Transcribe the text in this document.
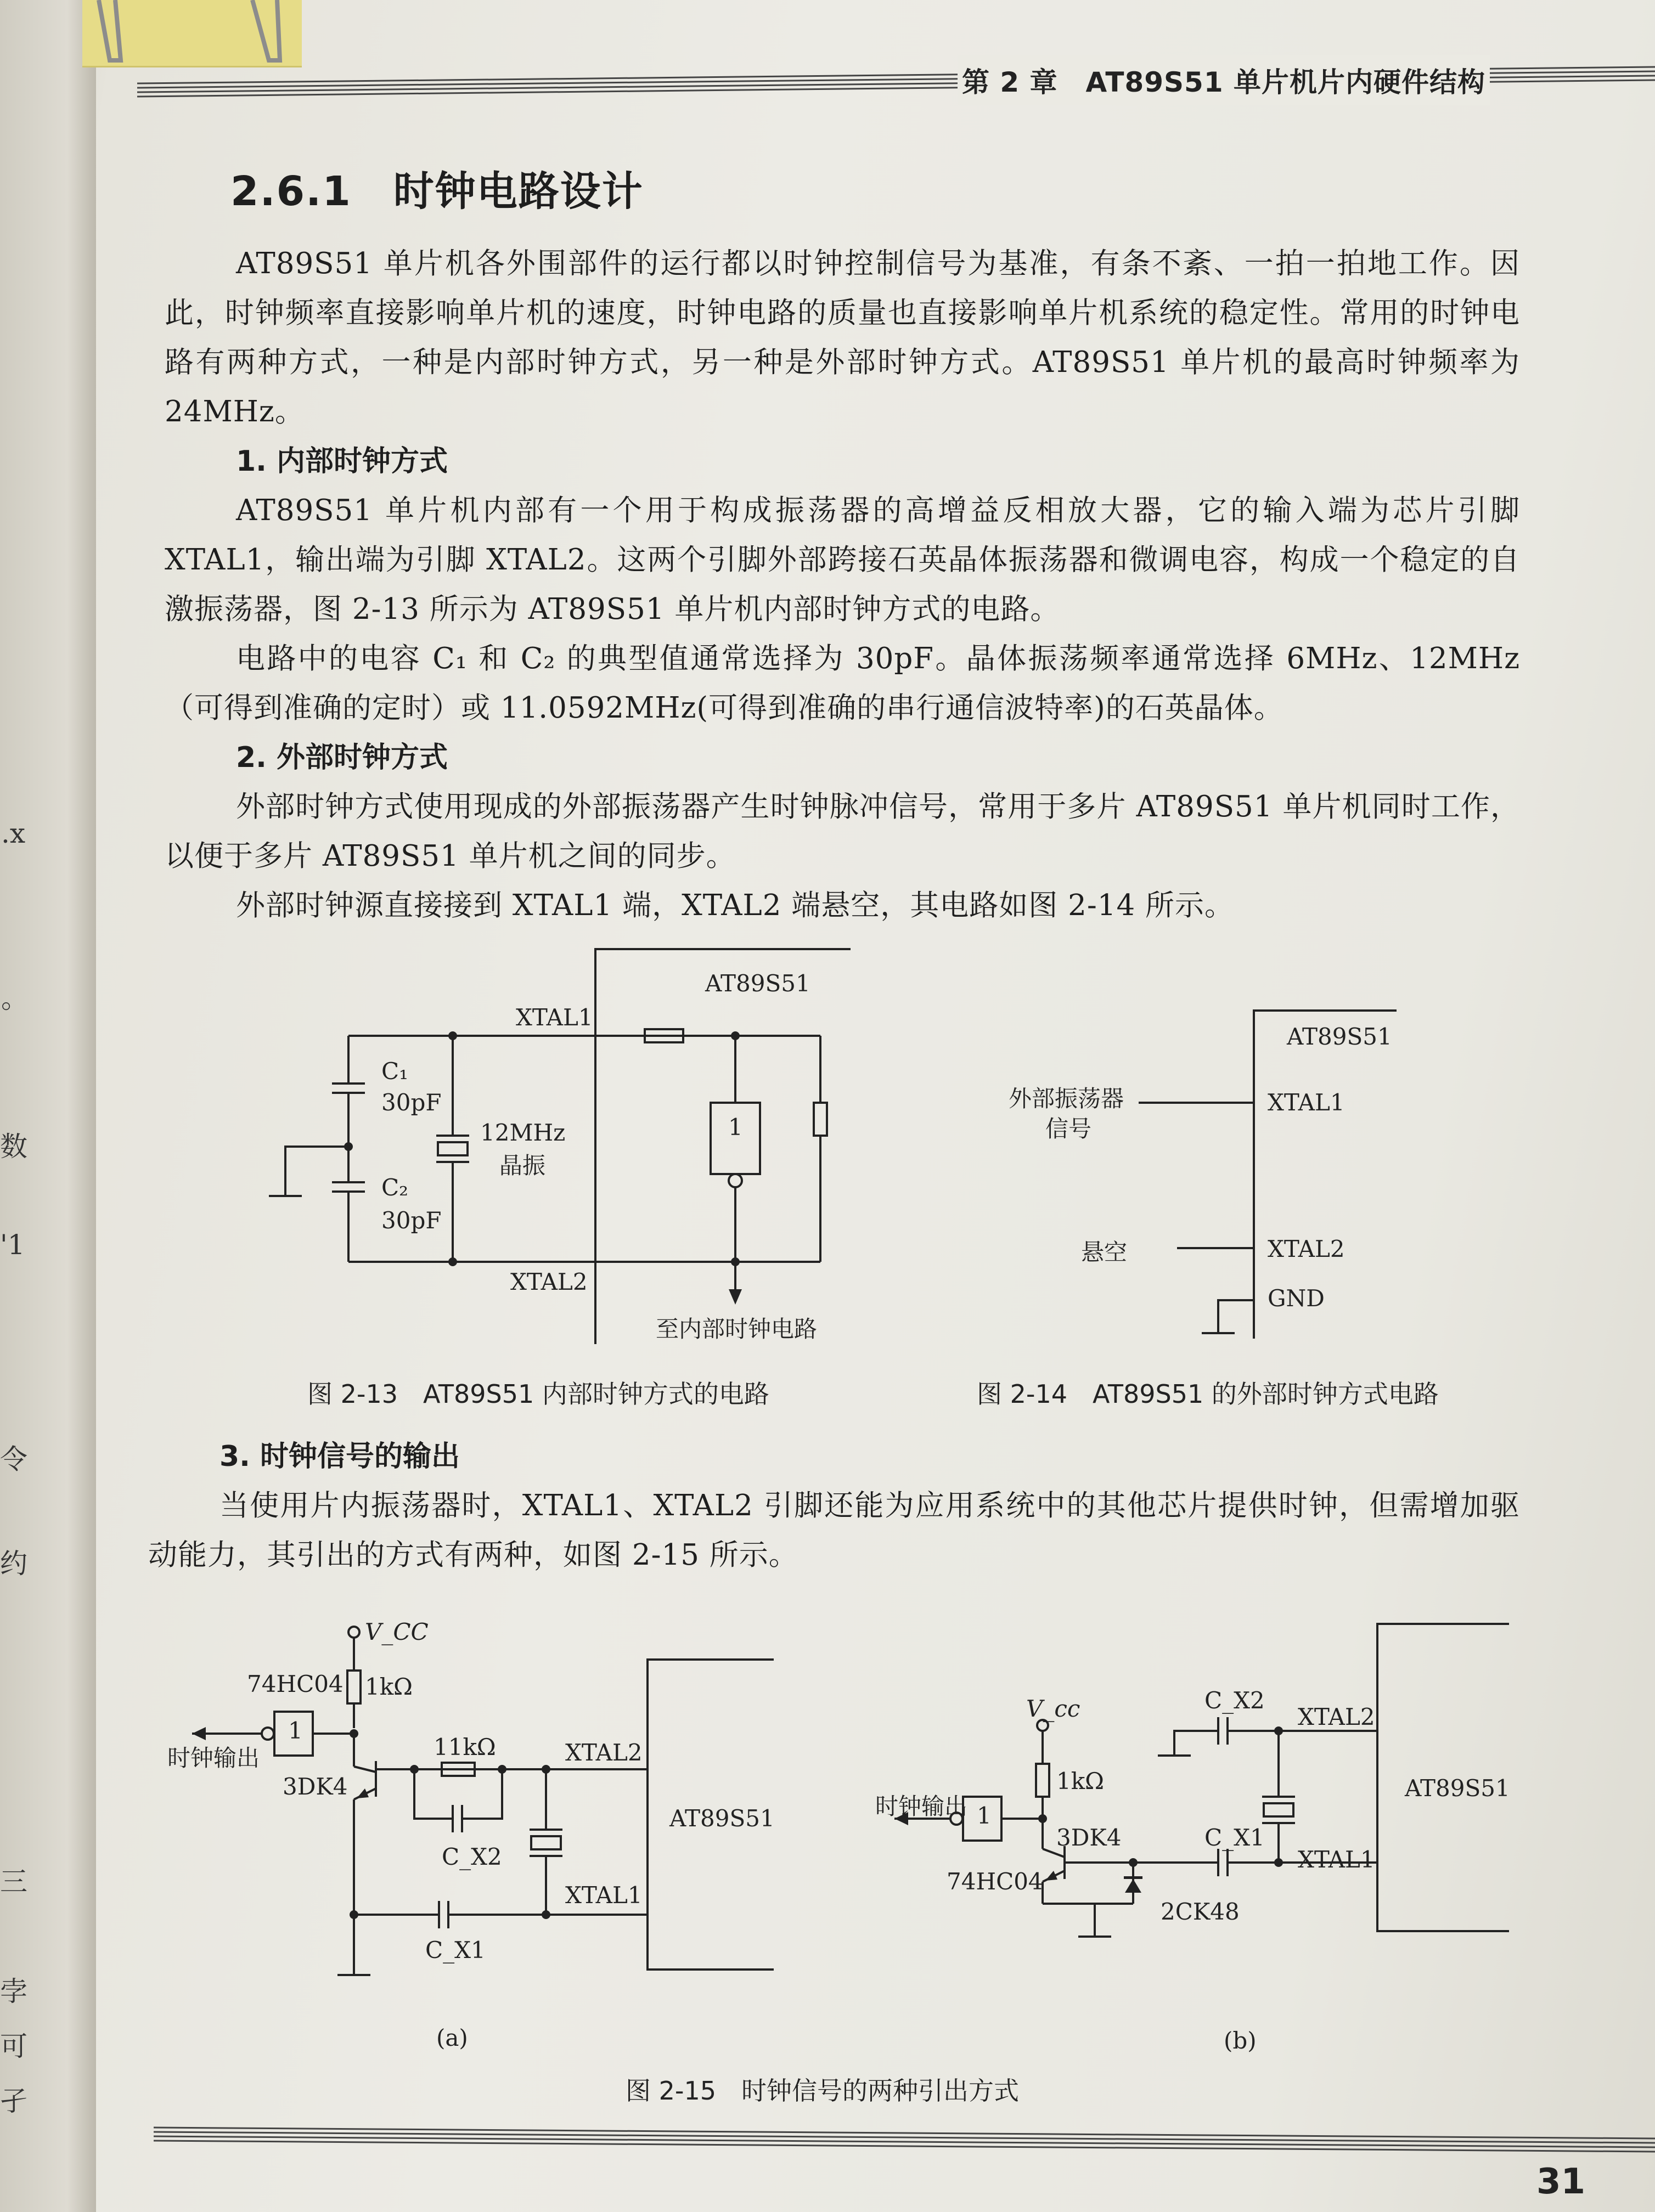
.x
。
数
'1
令
约
三
孛
可
孑
第 2 章　AT89S51 单片机片内硬件结构
2.6.1　时钟电路设计

AT89S51 单片机各外围部件的运行都以时钟控制信号为基准，有条不紊、一拍一拍地工作。因此，时钟频率直接影响单片机的速度，时钟电路的质量也直接影响单片机系统的稳定性。常用的时钟电路有两种方式，一种是内部时钟方式，另一种是外部时钟方式。AT89S51 单片机的最高时钟频率为 24MHz。

1. 内部时钟方式

AT89S51 单片机内部有一个用于构成振荡器的高增益反相放大器，它的输入端为芯片引脚XTAL1，输出端为引脚 XTAL2。这两个引脚外部跨接石英晶体振荡器和微调电容，构成一个稳定的自激振荡器，图 2-13 所示为 AT89S51 单片机内部时钟方式的电路。

电路中的电容 C₁ 和 C₂ 的典型值通常选择为 30pF。晶体振荡频率通常选择 6MHz、12MHz（可得到准确的定时）或 11.0592MHz(可得到准确的串行通信波特率)的石英晶体。

2. 外部时钟方式

外部时钟方式使用现成的外部振荡器产生时钟脉冲信号，常用于多片 AT89S51 单片机同时工作，以便于多片 AT89S51 单片机之间的同步。

外部时钟源直接接到 XTAL1 端，XTAL2 端悬空，其电路如图 2-14 所示。

AT89S51
XTAL1
XTAL2
C₁
30pF
C₂
30pF
12MHz
晶振
1
至内部时钟电路
图 2-13　AT89S51 内部时钟方式的电路
AT89S51
外部振荡器
信号
XTAL1
悬空	XTAL2
GND
图 2-14　AT89S51 的外部时钟方式电路

3. 时钟信号的输出

当使用片内振荡器时，XTAL1、XTAL2 引脚还能为应用系统中的其他芯片提供时钟，但需增加驱动能力，其引出的方式有两种，如图 2-15 所示。

V_CC
74HC04 1kΩ
1
时钟输出
3DK4
11kΩ
C_X2
C_X1
XTAL2
XTAL1
AT89S51
(a)
V_cc
1kΩ
时钟输出 1
3DK4
74HC04
2CK48
C_X2
C_X1
XTAL2
XTAL1
AT89S51
(b)
图 2-15　时钟信号的两种引出方式
31
